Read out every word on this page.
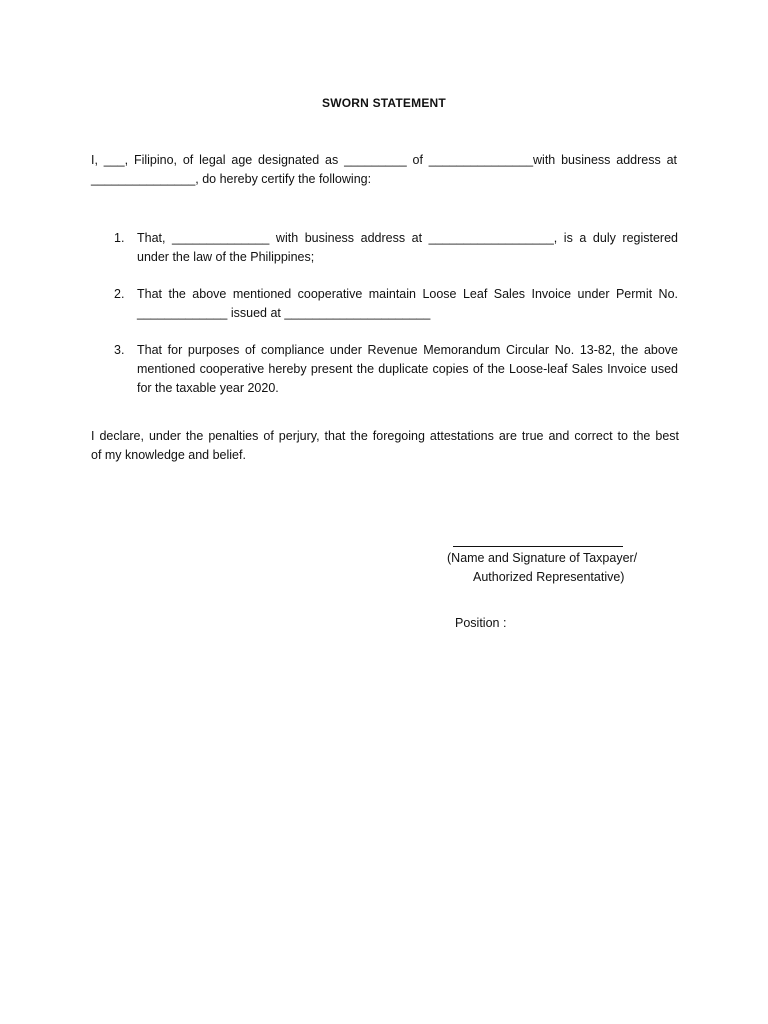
SWORN STATEMENT
I, ___, Filipino, of legal age designated as _________ of _______________with business address at
_______________, do hereby certify the following:
1.	That, ______________ with business address at __________________, is a duly registered
under the law of the Philippines;
2.	That the above mentioned cooperative maintain Loose Leaf Sales Invoice under Permit No.
_____________ issued at _____________________
3.	That for purposes of compliance under Revenue Memorandum Circular No. 13-82, the above
mentioned cooperative hereby present the duplicate copies of the Loose-leaf Sales Invoice used
for the taxable year 2020.
I declare, under the penalties of perjury, that the foregoing attestations are true and correct to the best
of my knowledge and belief.
(Name and Signature of Taxpayer/
Authorized Representative)
Position :
